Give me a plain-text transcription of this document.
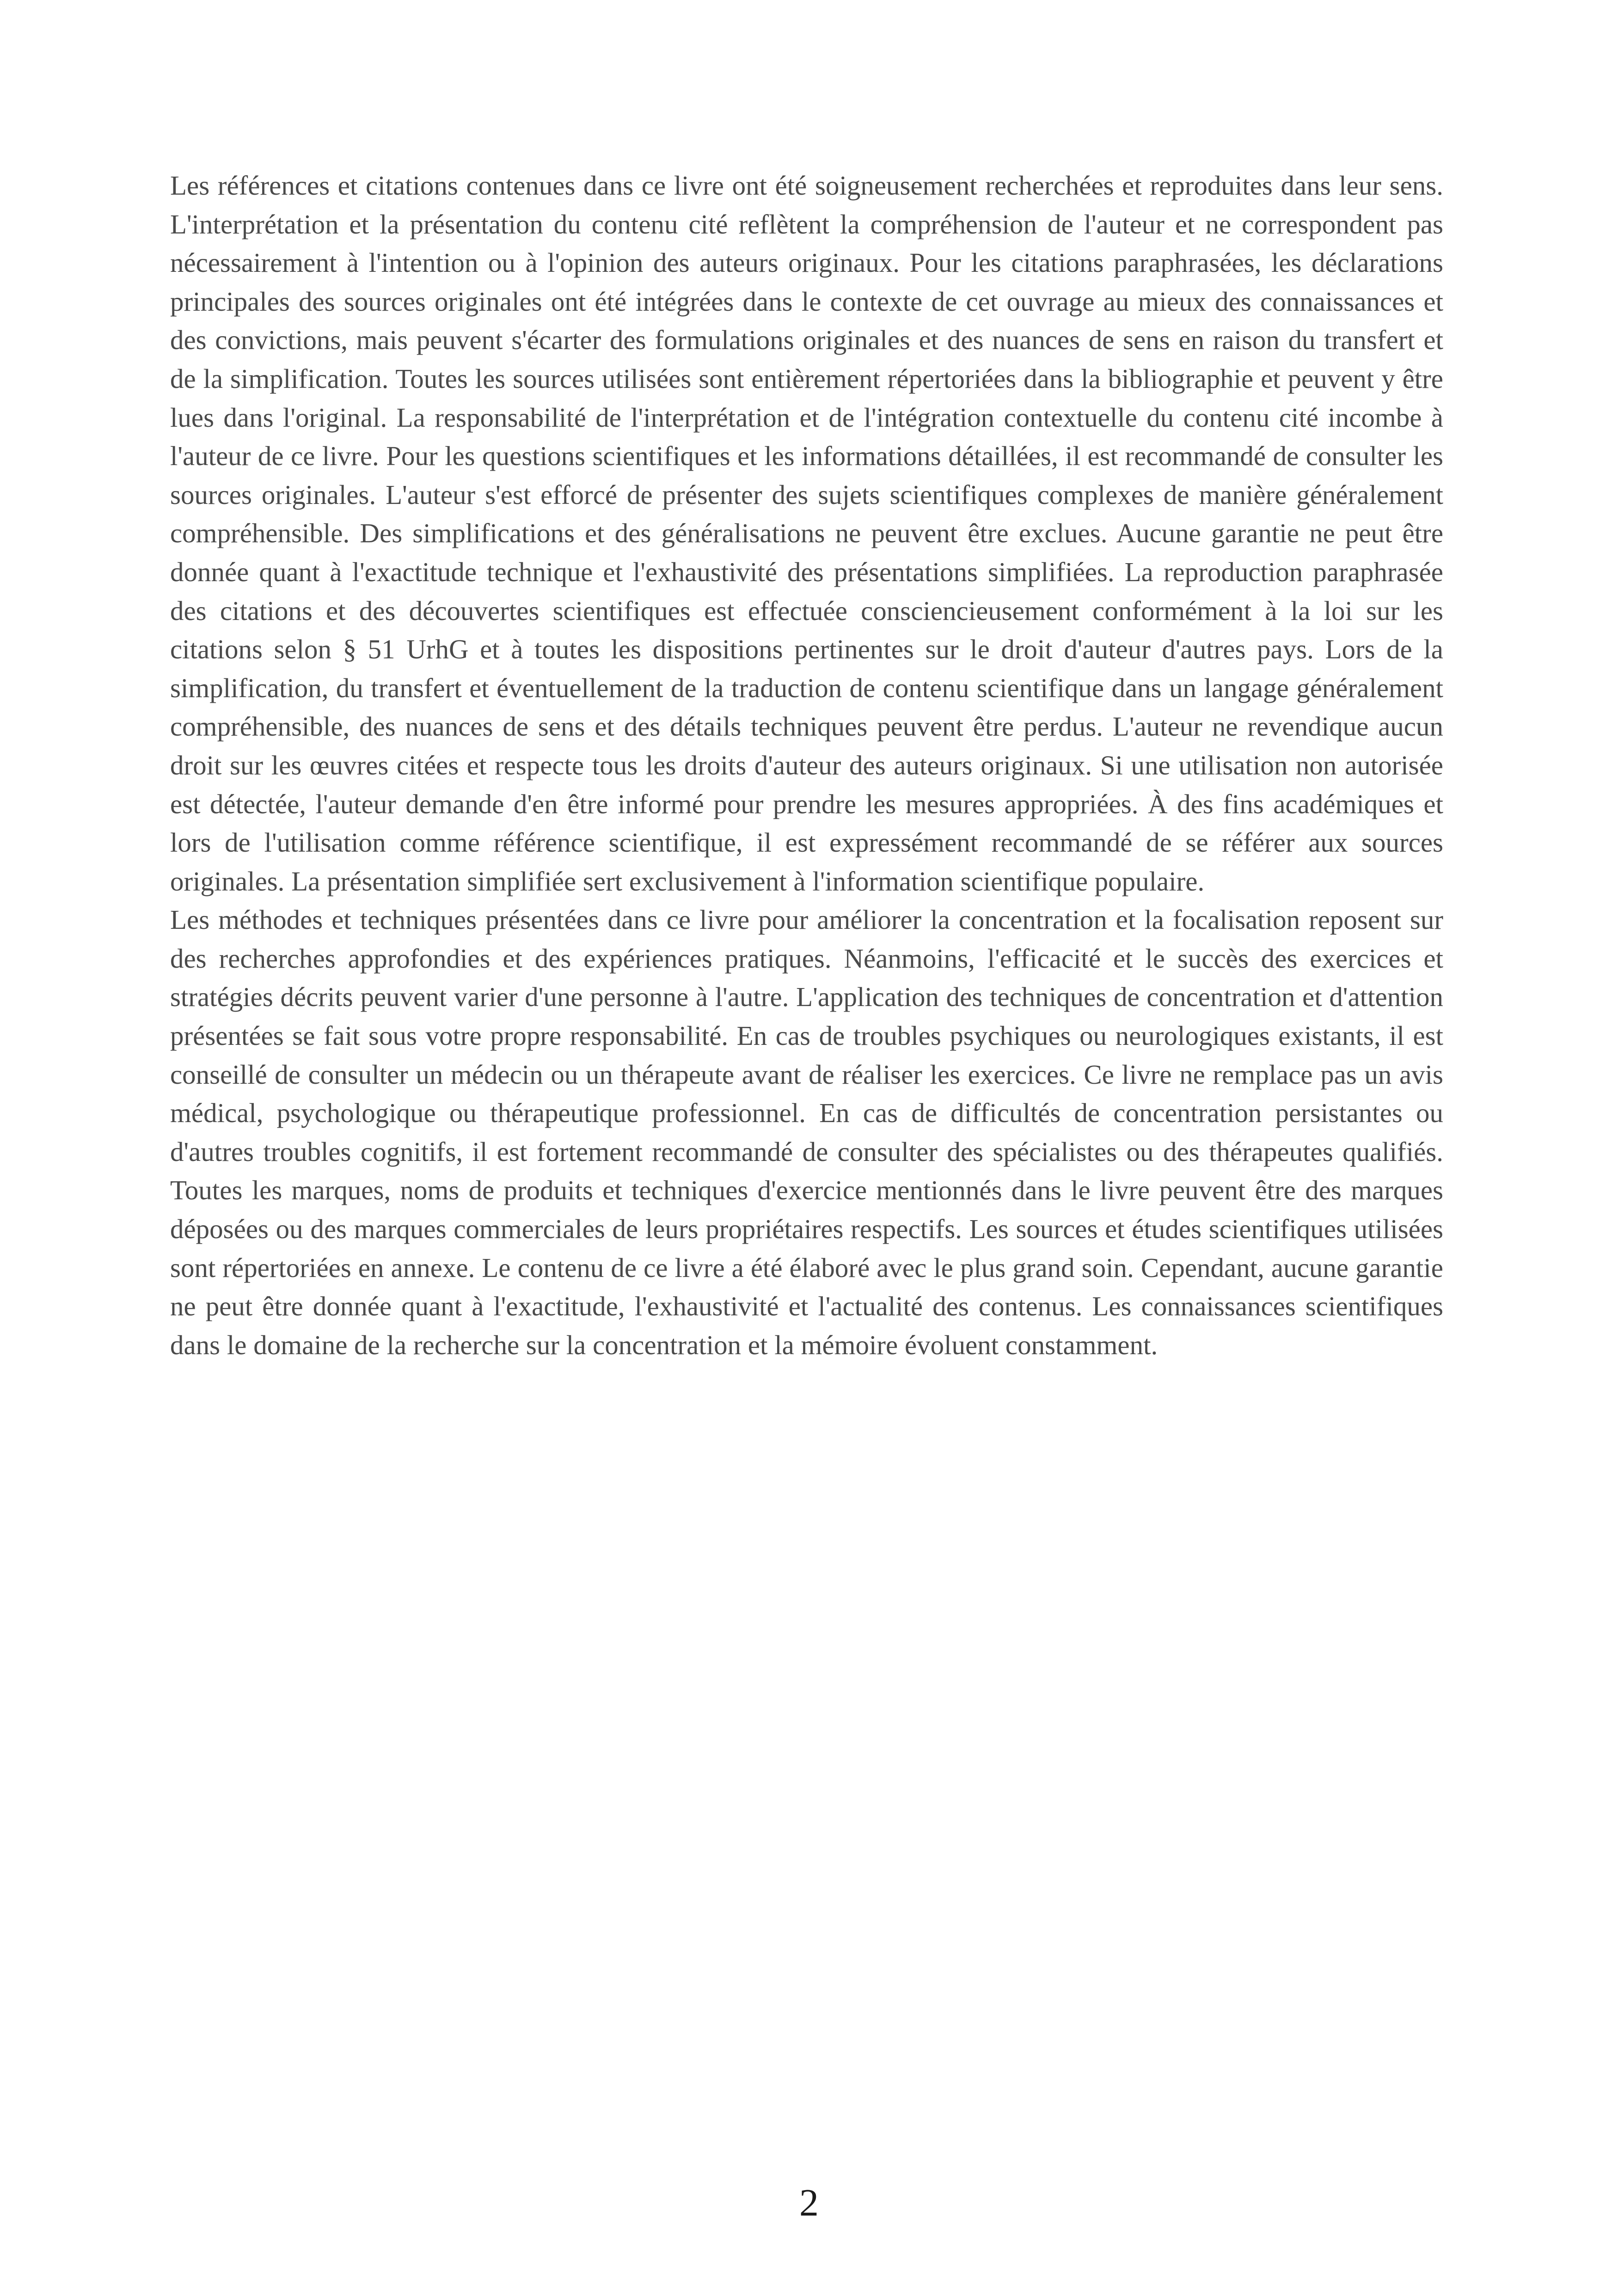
Les références et citations contenues dans ce livre ont été soigneusement recherchées et reproduites dans leur sens. L'interprétation et la présentation du contenu cité reflètent la compréhension de l'auteur et ne correspondent pas nécessairement à l'intention ou à l'opinion des auteurs originaux. Pour les citations paraphrasées, les déclarations principales des sources originales ont été intégrées dans le contexte de cet ouvrage au mieux des connaissances et des convictions, mais peuvent s'écarter des formulations originales et des nuances de sens en raison du transfert et de la simplification. Toutes les sources utilisées sont entièrement répertoriées dans la bibliographie et peuvent y être lues dans l'original. La responsabilité de l'interprétation et de l'intégration contextuelle du contenu cité incombe à l'auteur de ce livre. Pour les questions scientifiques et les informations détaillées, il est recommandé de consulter les sources originales. L'auteur s'est efforcé de présenter des sujets scientifiques complexes de manière généralement compréhensible. Des simplifications et des généralisations ne peuvent être exclues. Aucune garantie ne peut être donnée quant à l'exactitude technique et l'exhaustivité des présentations simplifiées. La reproduction paraphrasée des citations et des découvertes scientifiques est effectuée consciencieusement conformément à la loi sur les citations selon § 51 UrhG et à toutes les dispositions pertinentes sur le droit d'auteur d'autres pays. Lors de la simplification, du transfert et éventuellement de la traduction de contenu scientifique dans un langage généralement compréhensible, des nuances de sens et des détails techniques peuvent être perdus. L'auteur ne revendique aucun droit sur les œuvres citées et respecte tous les droits d'auteur des auteurs originaux. Si une utilisation non autorisée est détectée, l'auteur demande d'en être informé pour prendre les mesures appropriées. À des fins académiques et lors de l'utilisation comme référence scientifique, il est expressément recommandé de se référer aux sources originales. La présentation simplifiée sert exclusivement à l'information scientifique populaire.

Les méthodes et techniques présentées dans ce livre pour améliorer la concentration et la focalisation reposent sur des recherches approfondies et des expériences pratiques. Néanmoins, l'efficacité et le succès des exercices et stratégies décrits peuvent varier d'une personne à l'autre. L'application des techniques de concentration et d'attention présentées se fait sous votre propre responsabilité. En cas de troubles psychiques ou neurologiques existants, il est conseillé de consulter un médecin ou un thérapeute avant de réaliser les exercices. Ce livre ne remplace pas un avis médical, psychologique ou thérapeutique professionnel. En cas de difficultés de concentration persistantes ou d'autres troubles cognitifs, il est fortement recommandé de consulter des spécialistes ou des thérapeutes qualifiés. Toutes les marques, noms de produits et techniques d'exercice mentionnés dans le livre peuvent être des marques déposées ou des marques commerciales de leurs propriétaires respectifs. Les sources et études scientifiques utilisées sont répertoriées en annexe. Le contenu de ce livre a été élaboré avec le plus grand soin. Cependant, aucune garantie ne peut être donnée quant à l'exactitude, l'exhaustivité et l'actualité des contenus. Les connaissances scientifiques dans le domaine de la recherche sur la concentration et la mémoire évoluent constamment.

2
